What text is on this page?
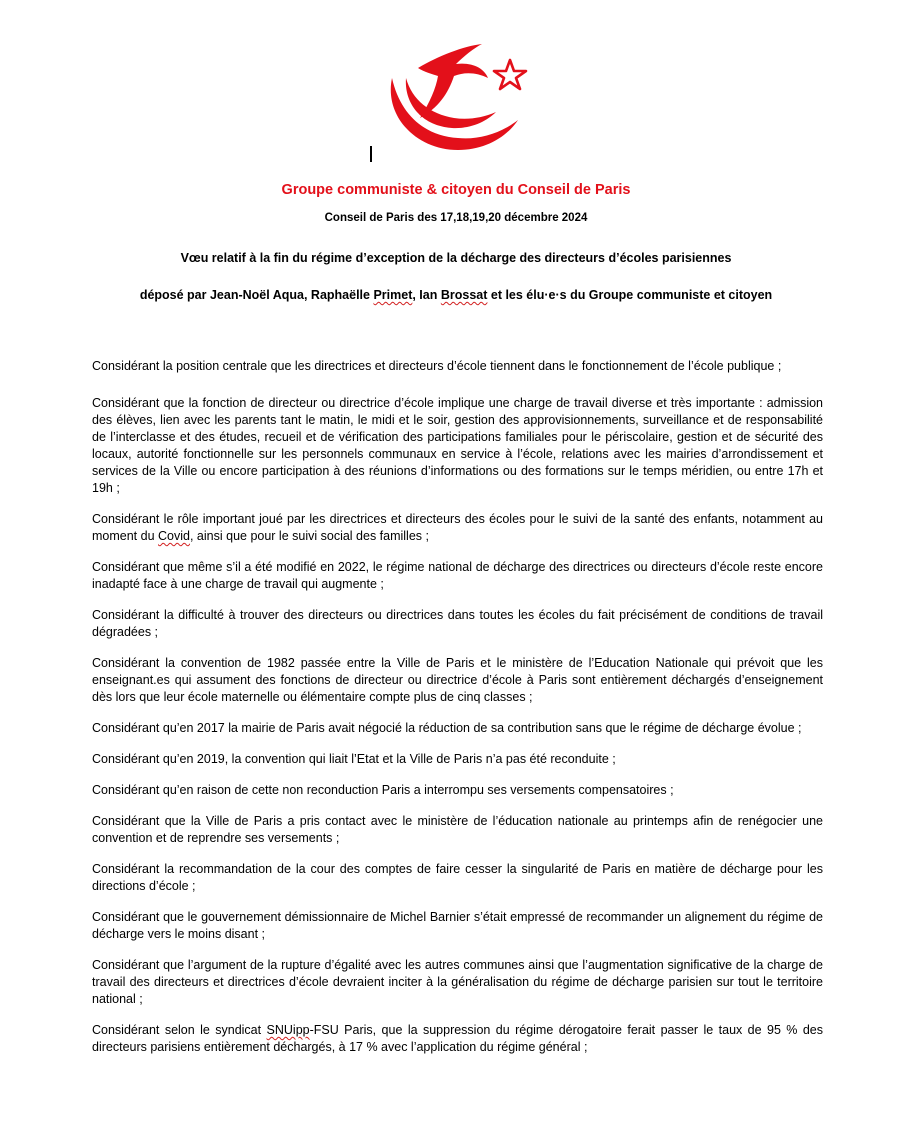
Groupe communiste & citoyen du Conseil de Paris
Conseil de Paris des 17,18,19,20 décembre 2024
Vœu relatif à la fin du régime d’exception de la décharge des directeurs d’écoles parisiennes
déposé par Jean-Noël Aqua, Raphaëlle Primet, Ian Brossat et les élu·e·s du Groupe communiste et citoyen

Considérant la position centrale que les directrices et directeurs d’école tiennent dans le fonctionnement de l’école publique ;

Considérant que la fonction de directeur ou directrice d’école implique une charge de travail diverse et très importante : admission des élèves, lien avec les parents tant le matin, le midi et le soir, gestion des approvisionnements, surveillance et de responsabilité de l’interclasse et des études, recueil et de vérification des participations familiales pour le périscolaire, gestion et de sécurité des locaux, autorité fonctionnelle sur les personnels communaux en service à l’école, relations avec les mairies d’arrondissement et services de la Ville ou encore participation à des réunions d’informations ou des formations sur le temps méridien, ou entre 17h et 19h ;

Considérant le rôle important joué par les directrices et directeurs des écoles pour le suivi de la santé des enfants, notamment au moment du Covid, ainsi que pour le suivi social des familles ;

Considérant que même s’il a été modifié en 2022, le régime national de décharge des directrices ou directeurs d’école reste encore inadapté face à une charge de travail qui augmente ;

Considérant la difficulté à trouver des directeurs ou directrices dans toutes les écoles du fait précisément de conditions de travail dégradées ;

Considérant la convention de 1982 passée entre la Ville de Paris et le ministère de l’Education Nationale qui prévoit que les enseignant.es qui assument des fonctions de directeur ou directrice d’école à Paris sont entièrement déchargés d’enseignement dès lors que leur école maternelle ou élémentaire compte plus de cinq classes ;

Considérant qu’en 2017 la mairie de Paris avait négocié la réduction de sa contribution sans que le régime de décharge évolue ;

Considérant qu’en 2019, la convention qui liait l’Etat et la Ville de Paris n’a pas été reconduite ;

Considérant qu’en raison de cette non reconduction Paris a interrompu ses versements compensatoires ;

Considérant que la Ville de Paris a pris contact avec le ministère de l’éducation nationale au printemps afin de renégocier une convention et de reprendre ses versements ;

Considérant la recommandation de la cour des comptes de faire cesser la singularité de Paris en matière de décharge pour les directions d’école ;

Considérant que le gouvernement démissionnaire de Michel Barnier s’était empressé de recommander un alignement du régime de décharge vers le moins disant ;

Considérant que l’argument de la rupture d’égalité avec les autres communes ainsi que l’augmentation significative de la charge de travail des directeurs et directrices d’école devraient inciter à la généralisation du régime de décharge parisien sur tout le territoire national ;

Considérant selon le syndicat SNUipp-FSU Paris, que la suppression du régime dérogatoire ferait passer le taux de 95 % des directeurs parisiens entièrement déchargés, à 17 % avec l’application du régime général ;
